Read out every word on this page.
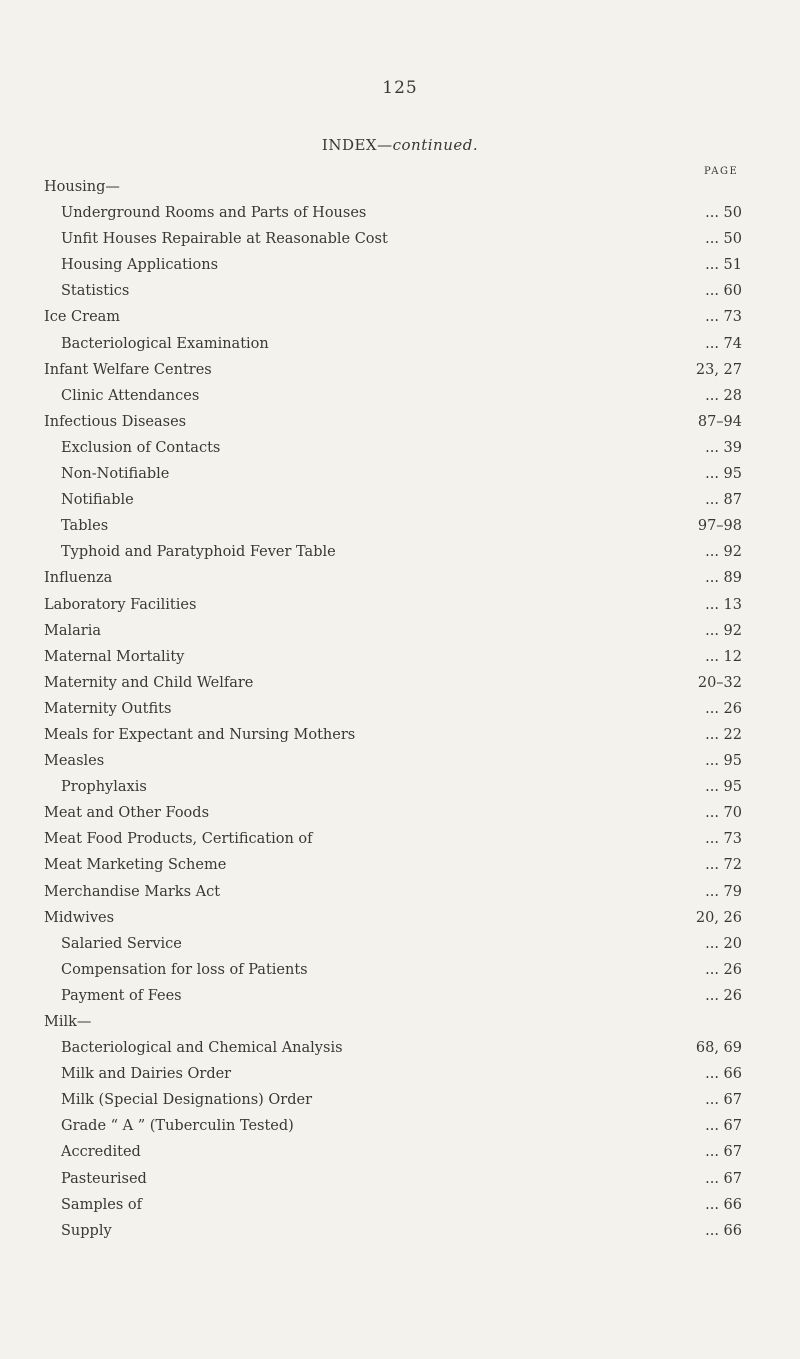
125
INDEX—continued.
PAGE
Housing—
Underground Rooms and Parts of Houses	... 50
Unfit Houses Repairable at Reasonable Cost	... 50
Housing Applications	... 51
Statistics	... 60
Ice Cream	... 73
Bacteriological Examination	... 74
Infant Welfare Centres	23, 27
Clinic Attendances	... 28
Infectious Diseases	87–94
Exclusion of Contacts	... 39
Non-Notifiable	... 95
Notifiable	... 87
Tables	97–98
Typhoid and Paratyphoid Fever Table	... 92
Influenza	... 89
Laboratory Facilities	... 13
Malaria	... 92
Maternal Mortality	... 12
Maternity and Child Welfare	20–32
Maternity Outfits	... 26
Meals for Expectant and Nursing Mothers	... 22
Measles	... 95
Prophylaxis	... 95
Meat and Other Foods	... 70
Meat Food Products, Certification of	... 73
Meat Marketing Scheme	... 72
Merchandise Marks Act	... 79
Midwives	20, 26
Salaried Service	... 20
Compensation for loss of Patients	... 26
Payment of Fees	... 26
Milk—
Bacteriological and Chemical Analysis	68, 69
Milk and Dairies Order	... 66
Milk (Special Designations) Order	... 67
Grade “ A ” (Tuberculin Tested)	... 67
Accredited	... 67
Pasteurised	... 67
Samples of	... 66
Supply	... 66
